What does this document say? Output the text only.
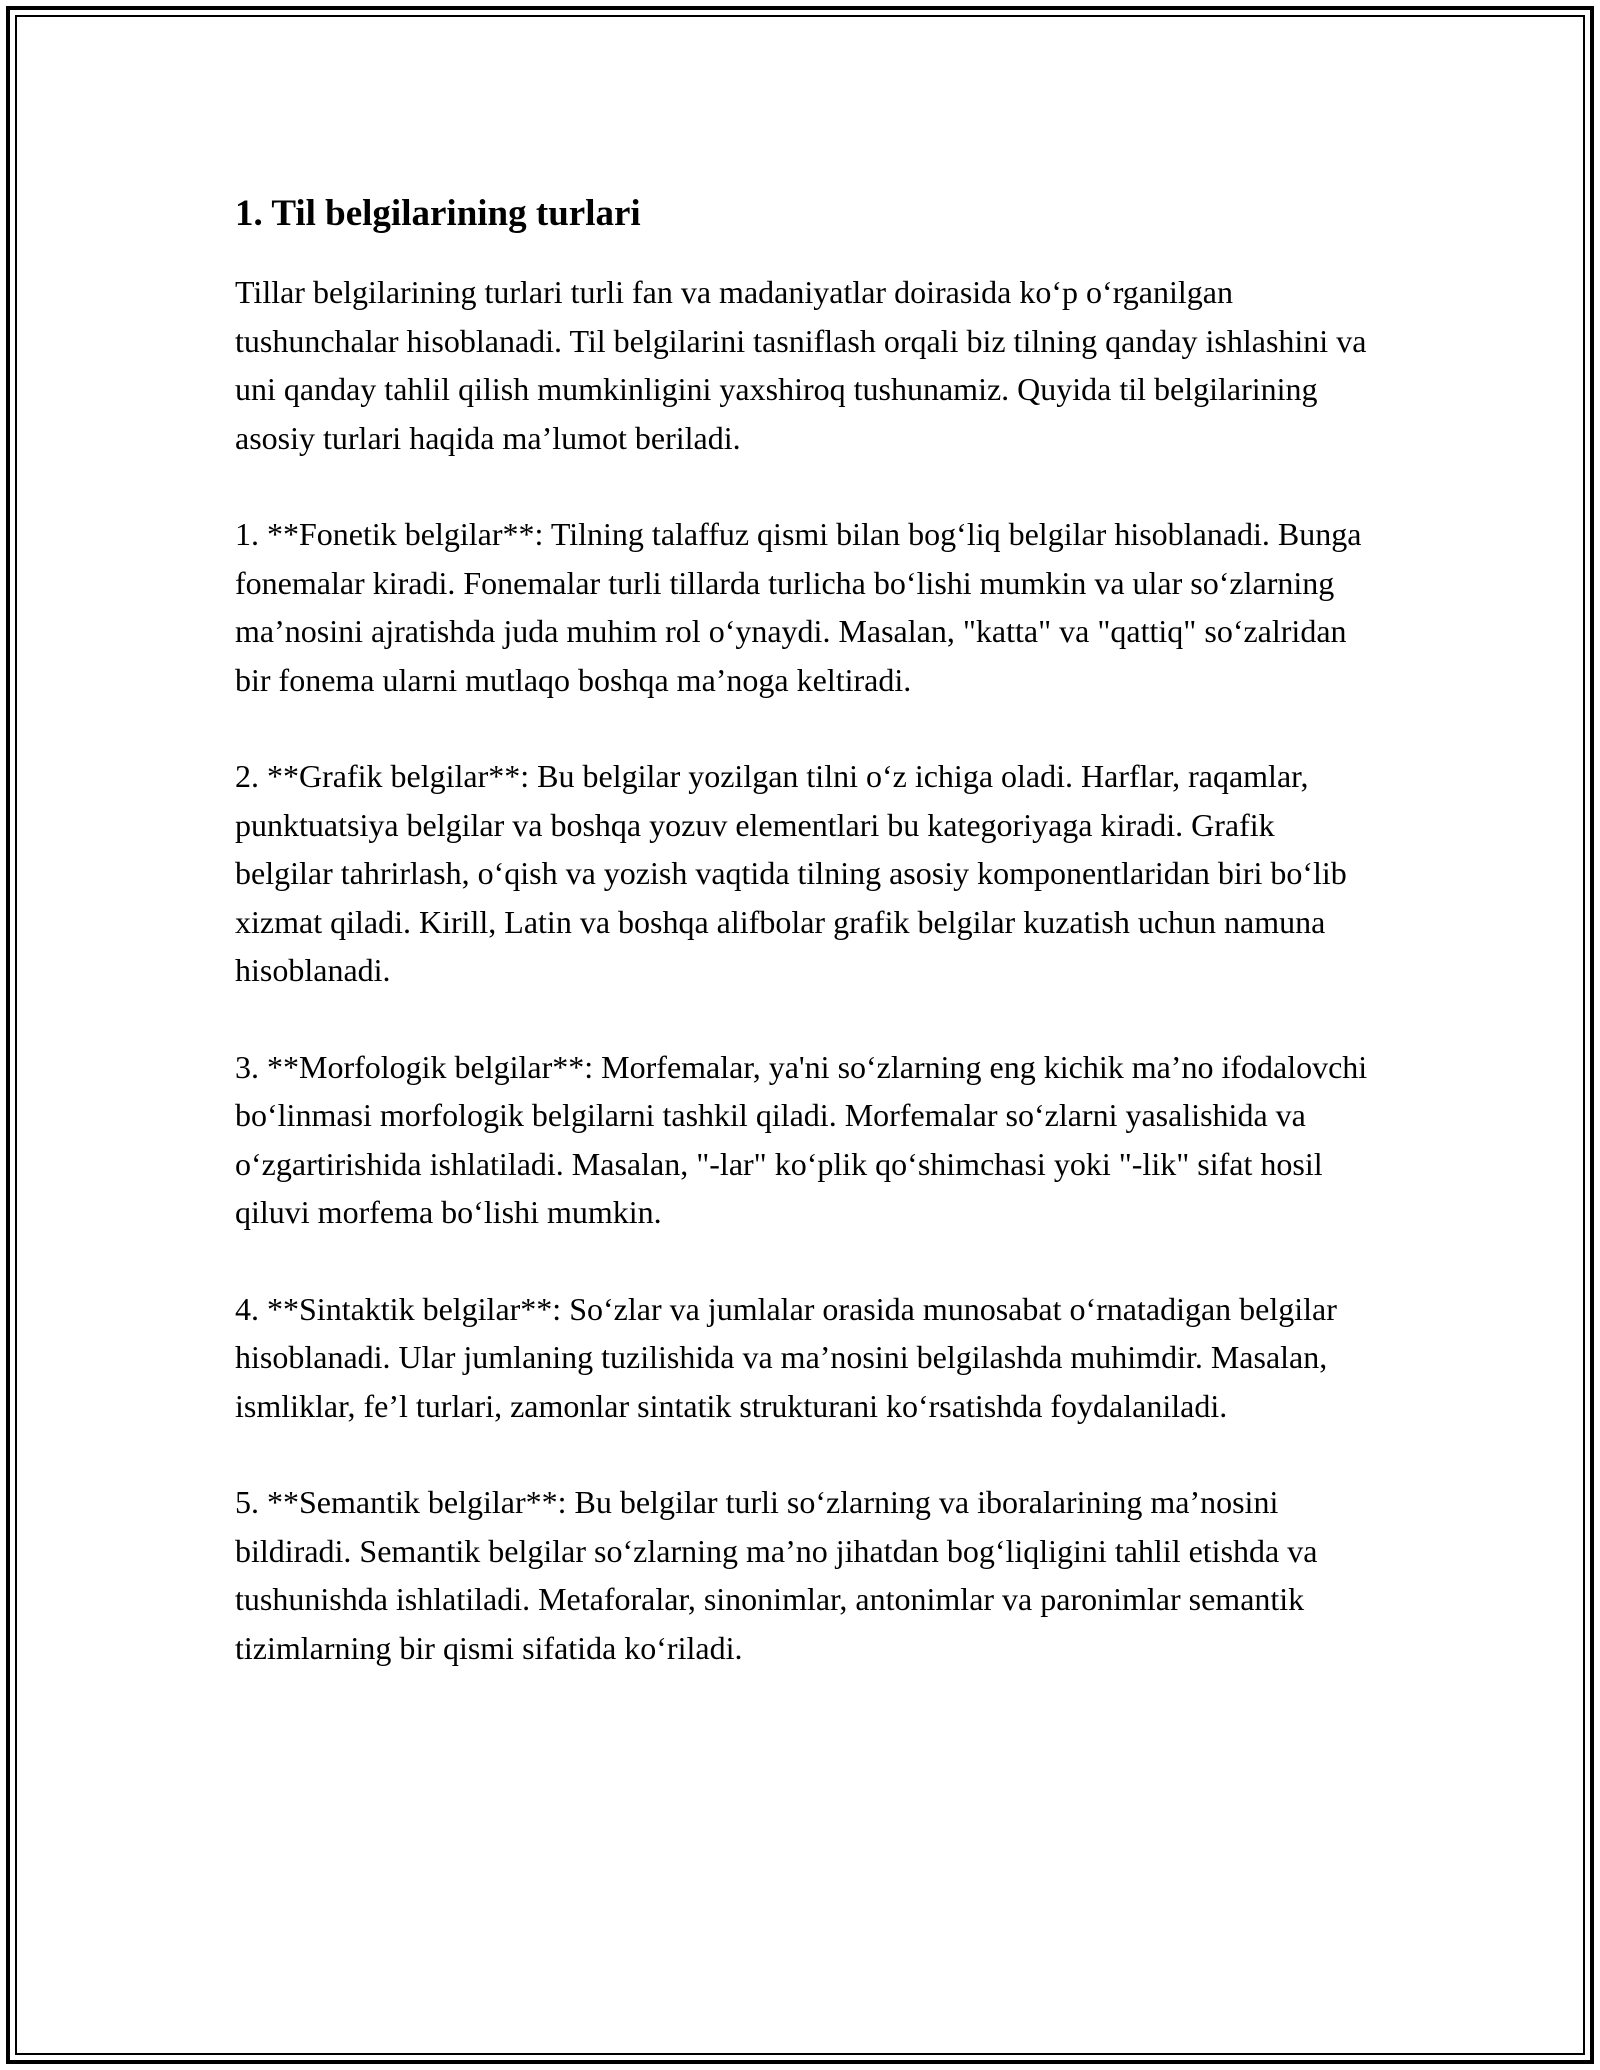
1. Til belgilarining turlari

Tillar belgilarining turlari turli fan va madaniyatlar doirasida ko‘p o‘rganilgan tushunchalar hisoblanadi. Til belgilarini tasniflash orqali biz tilning qanday ishlashini va uni qanday tahlil qilish mumkinligini yaxshiroq tushunamiz. Quyida til belgilarining asosiy turlari haqida ma’lumot beriladi.

1. **Fonetik belgilar**: Tilning talaffuz qismi bilan bog‘liq belgilar hisoblanadi. Bunga fonemalar kiradi. Fonemalar turli tillarda turlicha bo‘lishi mumkin va ular so‘zlarning ma’nosini ajratishda juda muhim rol o‘ynaydi. Masalan, "katta" va "qattiq" so‘zalridan bir fonema ularni mutlaqo boshqa ma’noga keltiradi.

2. **Grafik belgilar**: Bu belgilar yozilgan tilni o‘z ichiga oladi. Harflar, raqamlar, punktuatsiya belgilar va boshqa yozuv elementlari bu kategoriyaga kiradi. Grafik belgilar tahrirlash, o‘qish va yozish vaqtida tilning asosiy komponentlaridan biri bo‘lib xizmat qiladi. Kirill, Latin va boshqa alifbolar grafik belgilar kuzatish uchun namuna hisoblanadi.

3. **Morfologik belgilar**: Morfemalar, ya'ni so‘zlarning eng kichik ma’no ifodalovchi bo‘linmasi morfologik belgilarni tashkil qiladi. Morfemalar so‘zlarni yasalishida va o‘zgartirishida ishlatiladi. Masalan, "-lar" ko‘plik qo‘shimchasi yoki "-lik" sifat hosil qiluvi morfema bo‘lishi mumkin.

4. **Sintaktik belgilar**: So‘zlar va jumlalar orasida munosabat o‘rnatadigan belgilar hisoblanadi. Ular jumlaning tuzilishida va ma’nosini belgilashda muhimdir. Masalan, ismliklar, fe’l turlari, zamonlar sintatik strukturani ko‘rsatishda foydalaniladi.

5. **Semantik belgilar**: Bu belgilar turli so‘zlarning va iboralarining ma’nosini bildiradi. Semantik belgilar so‘zlarning ma’no jihatdan bog‘liqligini tahlil etishda va tushunishda ishlatiladi. Metaforalar, sinonimlar, antonimlar va paronimlar semantik tizimlarning bir qismi sifatida ko‘riladi.
